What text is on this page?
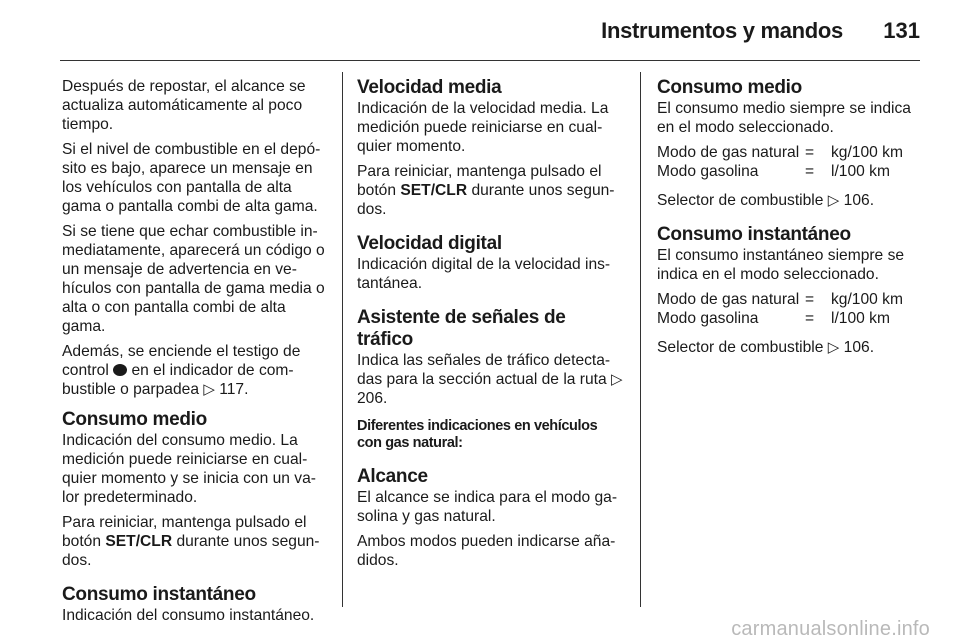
Instrumentos y mandos 131

Después de repostar, el alcance se actualiza automáticamente al poco tiempo.

Si el nivel de combustible en el depó-sito es bajo, aparece un mensaje en los vehículos con pantalla de alta gama o pantalla combi de alta gama.

Si se tiene que echar combustible in-mediatamente, aparecerá un código o un mensaje de advertencia en ve-hículos con pantalla de gama media o alta o con pantalla combi de alta gama.

Además, se enciende el testigo de control en el indicador de com-bustible o parpadea ▷ 117.

Consumo medio

Indicación del consumo medio. La medición puede reiniciarse en cual-quier momento y se inicia con un va-lor predeterminado.

Para reiniciar, mantenga pulsado el botón SET/CLR durante unos segun-dos.

Consumo instantáneo

Indicación del consumo instantáneo.

Velocidad media

Indicación de la velocidad media. La medición puede reiniciarse en cual-quier momento.

Para reiniciar, mantenga pulsado el botón SET/CLR durante unos segun-dos.

Velocidad digital

Indicación digital de la velocidad ins-tantánea.

Asistente de señales de tráfico

Indica las señales de tráfico detecta-das para la sección actual de la ruta ▷ 206.

Diferentes indicaciones en vehículos con gas natural:
Alcance

El alcance se indica para el modo ga-solina y gas natural.

Ambos modos pueden indicarse aña-didos.

Consumo medio

El consumo medio siempre se indica en el modo seleccionado.

Modo de gas natural	=	kg/100 km
Modo gasolina	=	l/100 km

Selector de combustible ▷ 106.

Consumo instantáneo

El consumo instantáneo siempre se indica en el modo seleccionado.

Modo de gas natural	=	kg/100 km
Modo gasolina	=	l/100 km

Selector de combustible ▷ 106.

carmanualsonline.info
